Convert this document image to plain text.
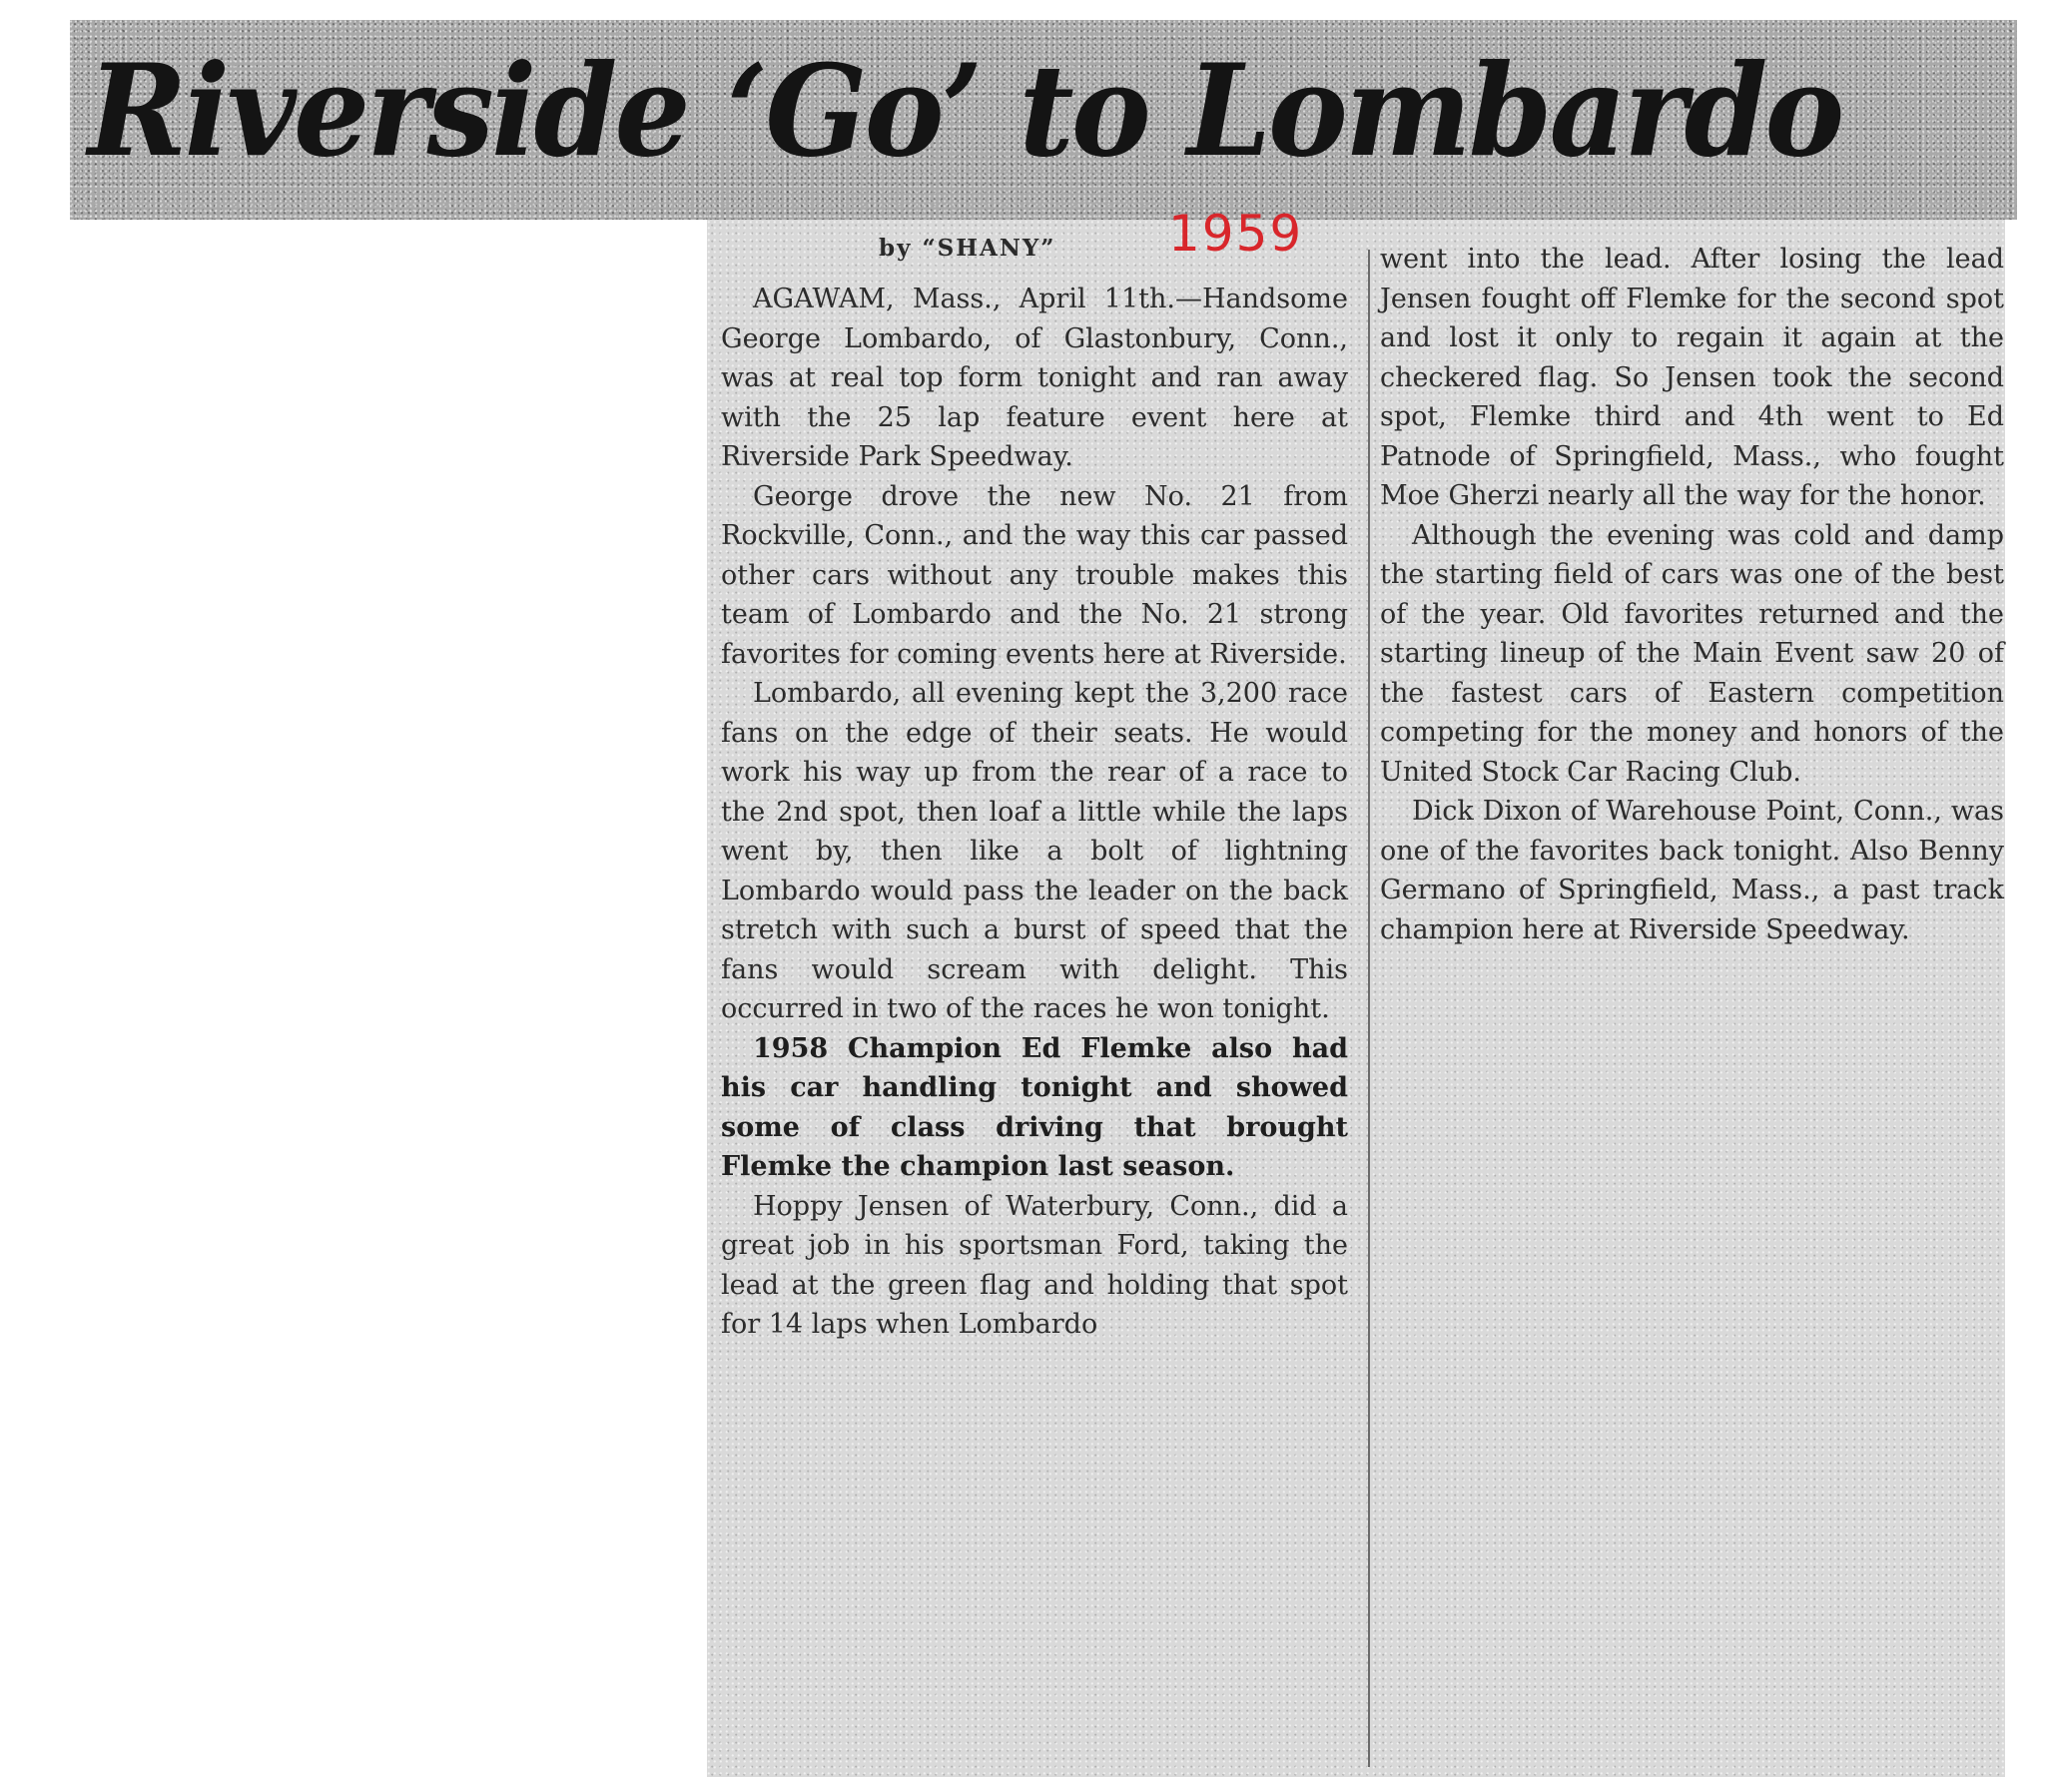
Riverside ‘Go’ to Lombardo
by “SHANY” 1959

AGAWAM, Mass., April 11th.—Handsome George Lombardo, of Glastonbury, Conn., was at real top form tonight and ran away with the 25 lap feature event here at Riverside Park Speedway.

George drove the new No. 21 from Rockville, Conn., and the way this car passed other cars without any trouble makes this team of Lombardo and the No. 21 strong favorites for coming events here at Riverside.

Lombardo, all evening kept the 3,200 race fans on the edge of their seats. He would work his way up from the rear of a race to the 2nd spot, then loaf a little while the laps went by, then like a bolt of lightning Lombardo would pass the leader on the back stretch with such a burst of speed that the fans would scream with delight. This occurred in two of the races he won tonight.

1958 Champion Ed Flemke also had his car handling tonight and showed some of class driving that brought Flemke the champion last season.

Hoppy Jensen of Waterbury, Conn., did a great job in his sportsman Ford, taking the lead at the green flag and holding that spot for 14 laps when Lombardo

went into the lead. After losing the lead Jensen fought off Flemke for the second spot and lost it only to regain it again at the checkered flag. So Jensen took the second spot, Flemke third and 4th went to Ed Patnode of Springfield, Mass., who fought Moe Gherzi nearly all the way for the honor.

Although the evening was cold and damp the starting field of cars was one of the best of the year. Old favorites returned and the starting lineup of the Main Event saw 20 of the fastest cars of Eastern competition competing for the money and honors of the United Stock Car Racing Club.

Dick Dixon of Warehouse Point, Conn., was one of the favorites back tonight. Also Benny Germano of Springfield, Mass., a past track champion here at Riverside Speedway.
